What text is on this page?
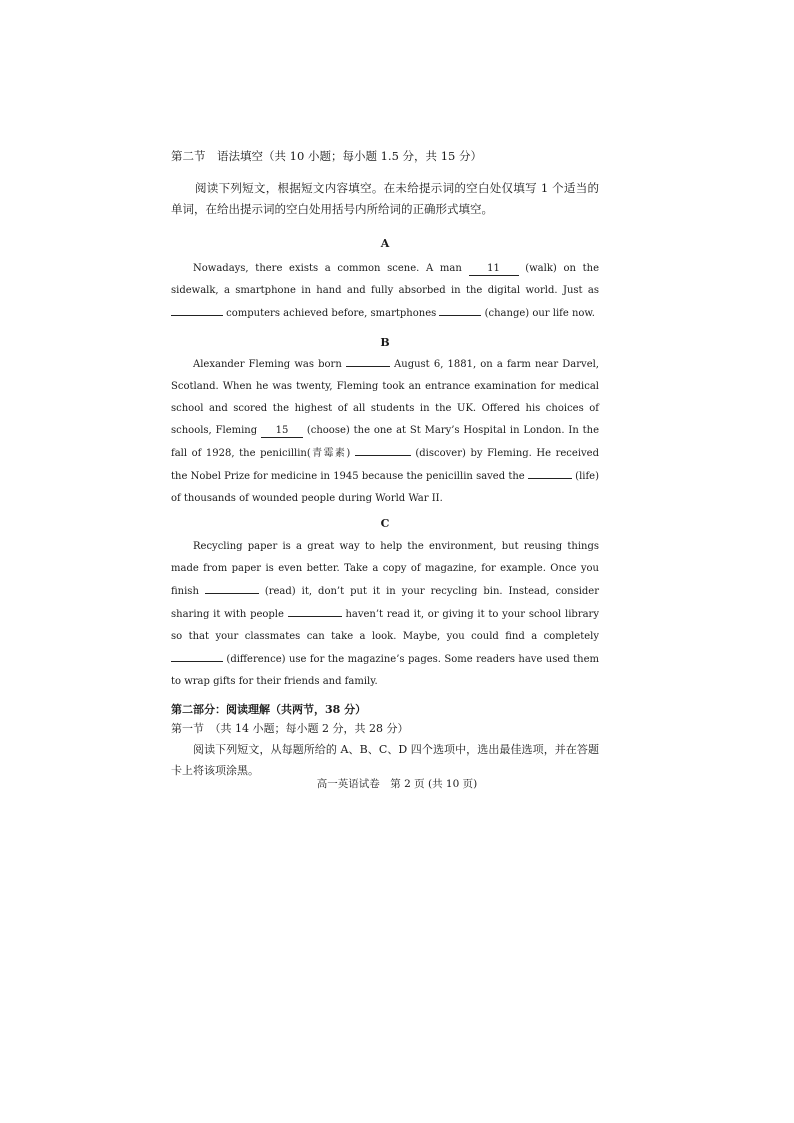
第二节　语法填空（共 10 小题；每小题 1.5 分，共 15 分）

阅读下列短文，根据短文内容填空。在未给提示词的空白处仅填写 1 个适当的单词，在给出提示词的空白处用括号内所给词的正确形式填空。

A

Nowadays, there exists a common scene. A man 11 (walk) on the sidewalk, a smartphone in hand and fully absorbed in the digital world. Just as  computers achieved before, smartphones	(change) our life now.

B

Alexander Fleming was born	August 6, 1881, on a farm near Darvel, Scotland. When he was twenty, Fleming took an entrance examination for medical school and scored the highest of all students in the UK. Offered his choices of schools, Fleming 15 (choose) the one at St Mary’s Hospital in London. In the fall of 1928, the penicillin(青霉素)	(discover) by Fleming. He received the Nobel Prize for medicine in 1945 because the penicillin saved the	(life) of thousands of wounded people during World War II.

C

Recycling paper is a great way to help the environment, but reusing things made from paper is even better. Take a copy of magazine, for example. Once you finish	(read) it, don’t put it in your recycling bin. Instead, consider sharing it with people	haven’t read it, or giving it to your school library so that your classmates can take a look. Maybe, you could find a completely  (difference) use for the magazine’s pages. Some readers have used them to wrap gifts for their friends and family.

第二部分：阅读理解（共两节，38 分）

第一节　（共 14 小题；每小题 2 分，共 28 分）

阅读下列短文，从每题所给的 A、B、C、D 四个选项中，选出最佳选项，并在答题卡上将该项涂黑。

高一英语试卷　第 2 页 (共 10 页)
